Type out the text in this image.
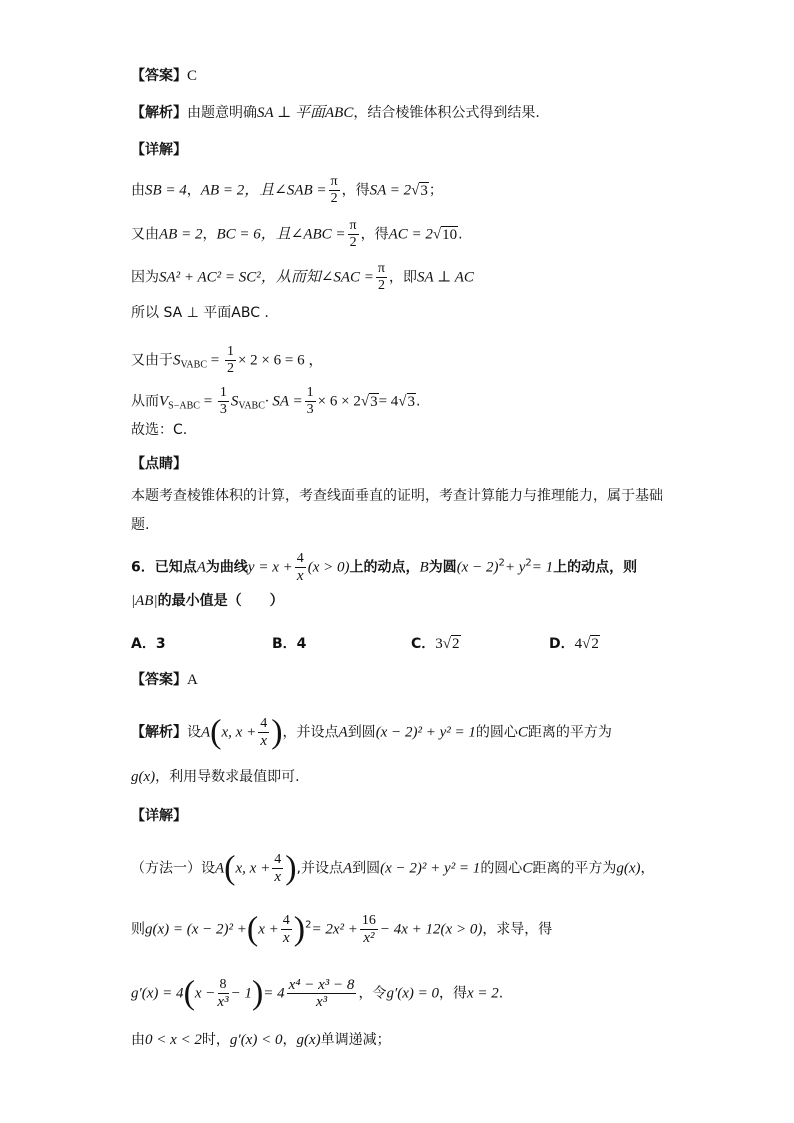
【答案】C
【解析】由题意明确SA ⊥ 平面ABC，结合棱锥体积公式得到结果.
【详解】
由SB = 4，AB = 2，且∠SAB = $\frac{\pi}{2}$ ，得SA = 2√3；
又由AB = 2，BC = 6，且∠ABC = $\frac{\pi}{2}$ ，得AC = 2√10.
因为SA² + AC² = SC²，从而知∠SAC = $\frac{\pi}{2}$ ，即SA ⊥ AC
所以 SA ⊥ 平面ABC .
又由于$S_{VABC} = \frac{1}{2} \times 2 \times 6 = 6$ ，
从而$V_{S-ABC} = \frac{1}{3} S_{VABC}\cdot$ SA = $\frac{1}{3} \times 6 \times 2√3= 4√3$.
故选：C.
【点睛】
本题考查棱锥体积的计算，考查线面垂直的证明，考查计算能力与推理能力，属于基础
题.
6．已知点A为曲线$y = x + \frac{4}{x} (x > 0)$上的动点，B为圆$(x - 2)^2+ y^2= 1$上的动点，则
|AB|的最小值是（　　）
A．3	B．4	C．3√2	D．4√2
【答案】A
【解析】设A(x, $x + \frac{4}{x}$ )，并设点A到圆(x − 2)² + y² = 1的圆心C距离的平方为
g(x)，利用导数求最值即可.
【详解】
（方法一）设A(x, $x + \frac{4}{x}$ ),并设点A到圆(x − 2)² + y² = 1的圆心C距离的平方为g(x)，
则$g(x) = (x - 2)^2 +(x + \frac{4}{x} )^2= 2x^2 + \frac{16}{\text{x²}} - 4x + 12(x > 0)$，求导，得
$g'(x) = 4(x - \frac{8}{\text{x³}} - 1)= 4 \frac{\text{x⁴ − x³ − 8}}{\text{x³}}$ ，令g′(x) = 0，得x = 2.
由0 < x < 2时，g′(x) < 0，g(x)单调递减；
